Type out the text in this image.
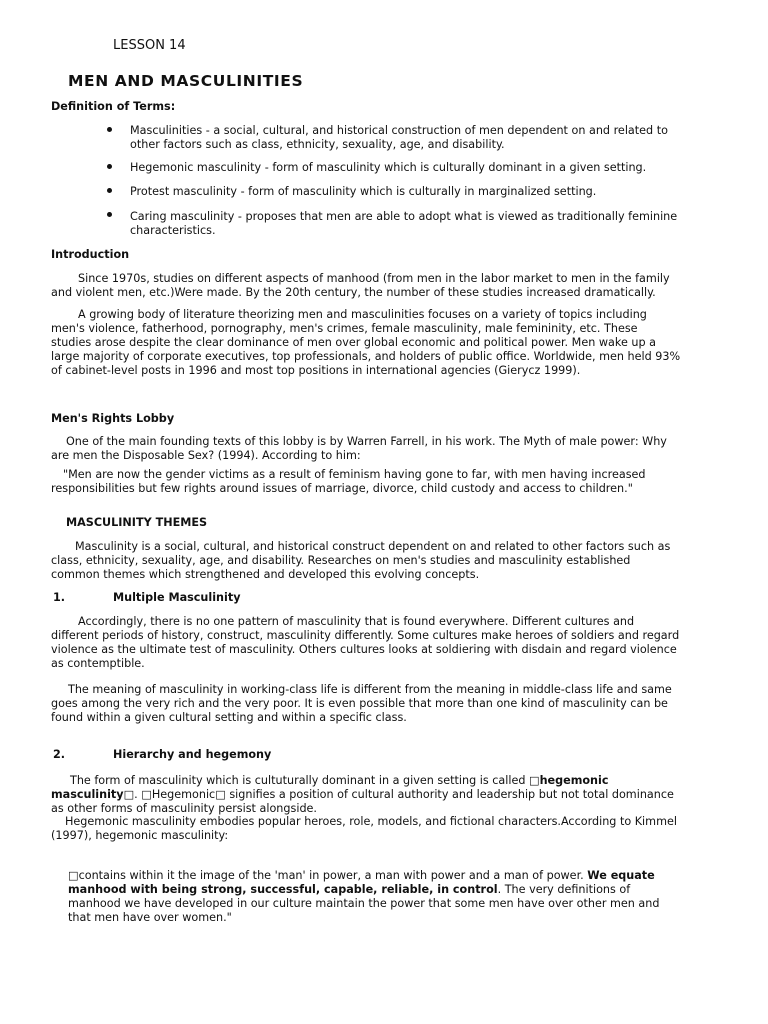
LESSON 14
MEN AND MASCULINITIES
Definition of Terms:
Masculinities - a social, cultural, and historical construction of men dependent on and related to other factors such as class, ethnicity, sexuality, age, and disability.
Hegemonic masculinity - form of masculinity which is culturally dominant in a given setting.
Protest masculinity - form of masculinity which is culturally in marginalized setting.
Caring masculinity - proposes that men are able to adopt what is viewed as traditionally feminine characteristics.
Introduction
Since 1970s, studies on different aspects of manhood (from men in the labor market to men in the family and violent men, etc.)Were made. By the 20th century, the number of these studies increased dramatically.
A growing body of literature theorizing men and masculinities focuses on a variety of topics including men's violence, fatherhood, pornography, men's crimes, female masculinity, male femininity, etc. These studies arose despite the clear dominance of men over global economic and political power. Men wake up a large majority of corporate executives, top professionals, and holders of public office. Worldwide, men held 93% of cabinet-level posts in 1996 and most top positions in international agencies (Gierycz 1999).
Men's Rights Lobby
One of the main founding texts of this lobby is by Warren Farrell, in his work. The Myth of male power: Why are men the Disposable Sex? (1994). According to him:
"Men are now the gender victims as a result of feminism having gone to far, with men having increased responsibilities but few rights around issues of marriage, divorce, child custody and access to children."
MASCULINITY THEMES
Masculinity is a social, cultural, and historical construct dependent on and related to other factors such as class, ethnicity, sexuality, age, and disability. Researches on men's studies and masculinity established common themes which strengthened and developed this evolving concepts.
1.	Multiple Masculinity
Accordingly, there is no one pattern of masculinity that is found everywhere. Different cultures and different periods of history, construct, masculinity differently. Some cultures make heroes of soldiers and regard violence as the ultimate test of masculinity. Others cultures looks at soldiering with disdain and regard violence as contemptible.
The meaning of masculinity in working-class life is different from the meaning in middle-class life and same goes among the very rich and the very poor. It is even possible that more than one kind of masculinity can be found within a given cultural setting and within a specific class.
2.	Hierarchy and hegemony
The form of masculinity which is cultuturally dominant in a given setting is called □hegemonic masculinity□. □Hegemonic□ signifies a position of cultural authority and leadership but not total dominance as other forms of masculinity persist alongside.
Hegemonic masculinity embodies popular heroes, role, models, and fictional characters.According to Kimmel (1997), hegemonic masculinity:
□contains within it the image of the 'man' in power, a man with power and a man of power. We equate manhood with being strong, successful, capable, reliable, in control. The very definitions of manhood we have developed in our culture maintain the power that some men have over other men and that men have over women."
